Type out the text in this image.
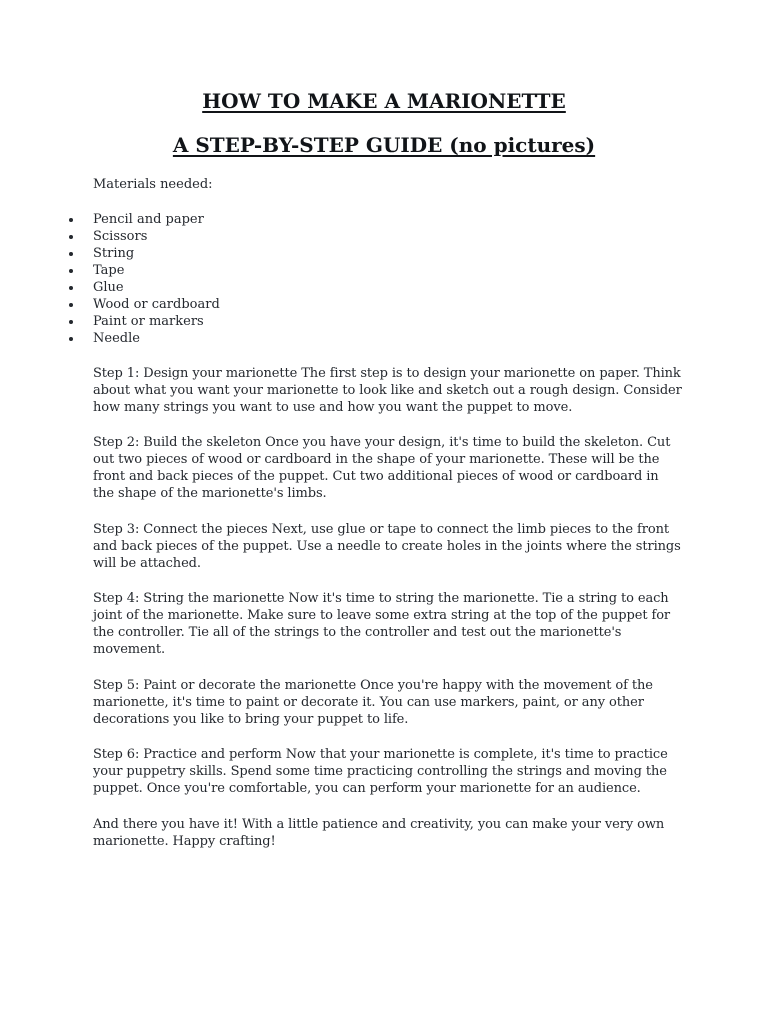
HOW TO MAKE A MARIONETTE
A STEP-BY-STEP GUIDE (no pictures)

Materials needed:

Pencil and paper
Scissors
String
Tape
Glue
Wood or cardboard
Paint or markers
Needle

Step 1: Design your marionette The first step is to design your marionette on paper. Think about what you want your marionette to look like and sketch out a rough design. Consider how many strings you want to use and how you want the puppet to move.

Step 2: Build the skeleton Once you have your design, it's time to build the skeleton. Cut out two pieces of wood or cardboard in the shape of your marionette. These will be the front and back pieces of the puppet. Cut two additional pieces of wood or cardboard in the shape of the marionette's limbs.

Step 3: Connect the pieces Next, use glue or tape to connect the limb pieces to the front and back pieces of the puppet. Use a needle to create holes in the joints where the strings will be attached.

Step 4: String the marionette Now it's time to string the marionette. Tie a string to each joint of the marionette. Make sure to leave some extra string at the top of the puppet for the controller. Tie all of the strings to the controller and test out the marionette's movement.

Step 5: Paint or decorate the marionette Once you're happy with the movement of the marionette, it's time to paint or decorate it. You can use markers, paint, or any other decorations you like to bring your puppet to life.

Step 6: Practice and perform Now that your marionette is complete, it's time to practice your puppetry skills. Spend some time practicing controlling the strings and moving the puppet. Once you're comfortable, you can perform your marionette for an audience.

And there you have it! With a little patience and creativity, you can make your very own marionette. Happy crafting!
